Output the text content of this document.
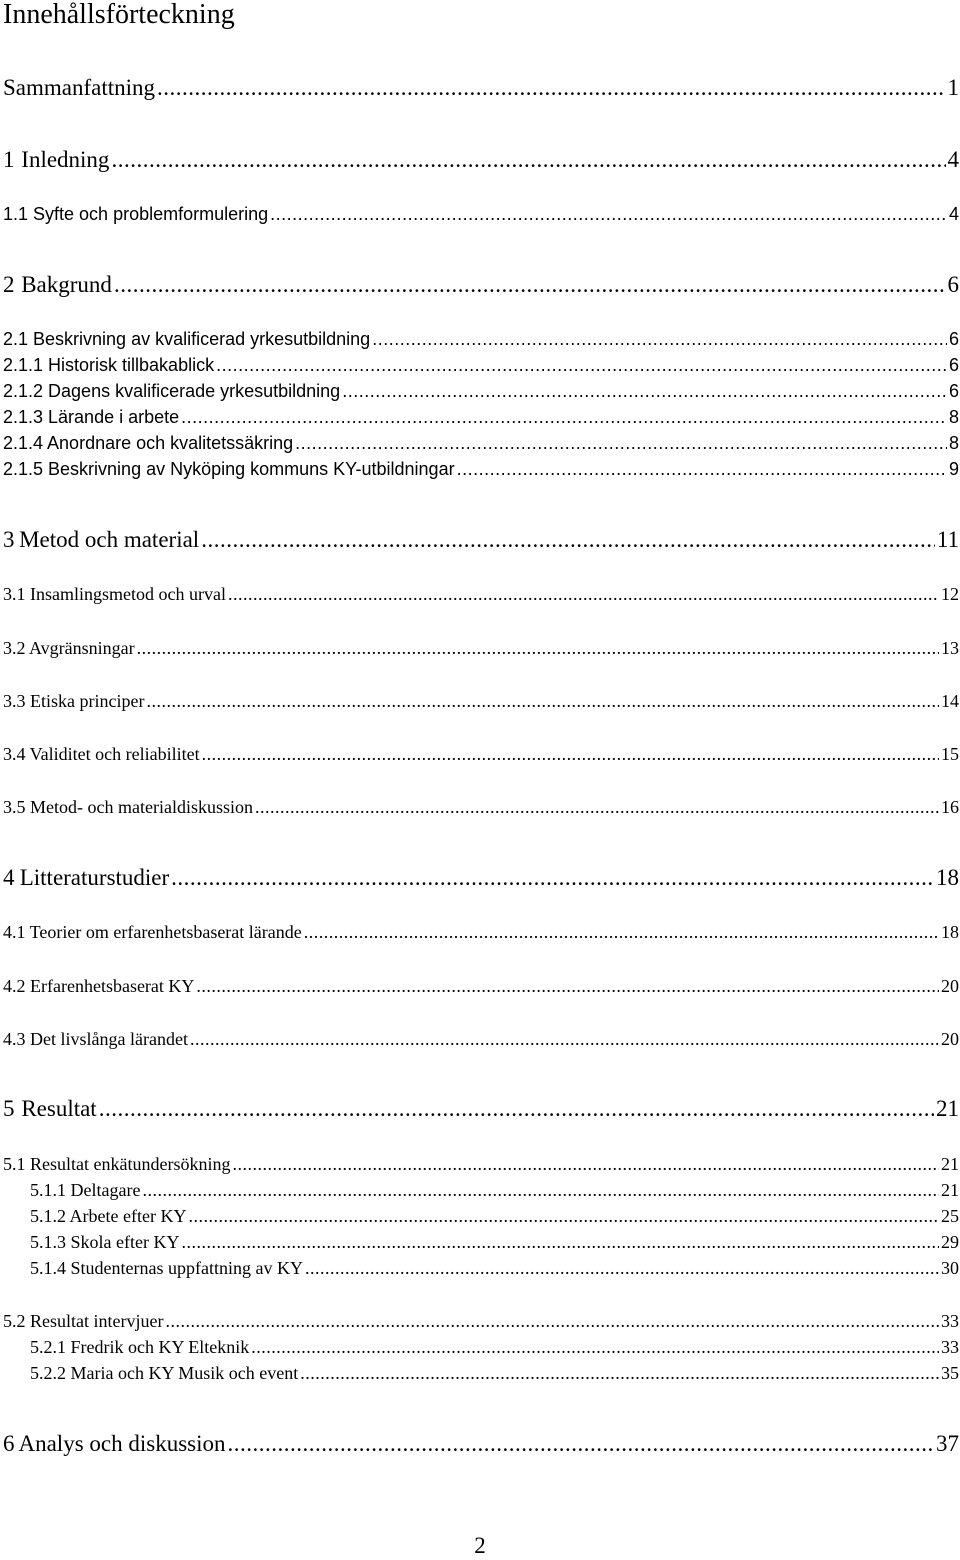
Innehållsförteckning
Sammanfattning .....	1
1 Inledning .....	4
1.1 Syfte och problemformulering .....	4
2 Bakgrund .....	6
2.1 Beskrivning av kvalificerad yrkesutbildning .....	6
2.1.1 Historisk tillbakablick .....	6
2.1.2 Dagens kvalificerade yrkesutbildning .....	6
2.1.3 Lärande i arbete .....	8
2.1.4 Anordnare och kvalitetssäkring .....	8
2.1.5 Beskrivning av Nyköping kommuns KY-utbildningar .....	9
3 Metod och material .....	11
3.1 Insamlingsmetod och urval .....	12
3.2 Avgränsningar .....	13
3.3 Etiska principer .....	14
3.4 Validitet och reliabilitet .....	15
3.5 Metod- och materialdiskussion .....	16
4 Litteraturstudier .....	18
4.1 Teorier om erfarenhetsbaserat lärande .....	18
4.2 Erfarenhetsbaserat KY .....	20
4.3 Det livslånga lärandet .....	20
5 Resultat .....	21
5.1 Resultat enkätundersökning .....	21
5.1.1 Deltagare .....	21
5.1.2 Arbete efter KY .....	25
5.1.3 Skola efter KY .....	29
5.1.4 Studenternas uppfattning av KY .....	30
5.2 Resultat intervjuer .....	33
5.2.1 Fredrik och KY Elteknik .....	33
5.2.2 Maria och KY Musik och event .....	35
6 Analys och diskussion .....	37
2
